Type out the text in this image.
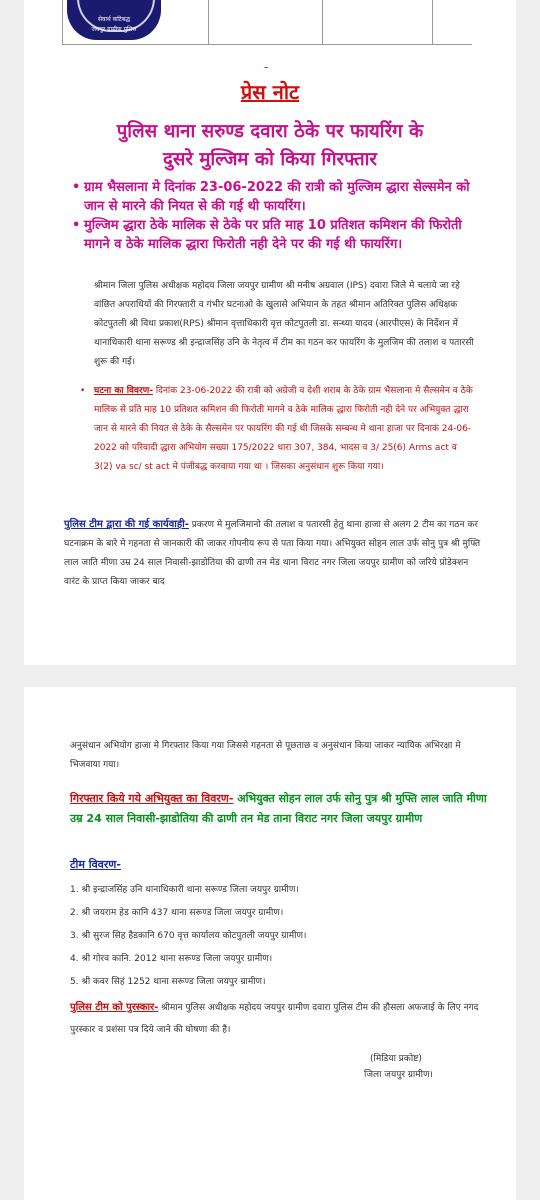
सेवार्थ कटिबद्ध
जयपुर ग्रामीण पुलिस
-
प्रेस नोट
पुलिस थाना सरुण्ड दवारा ठेके पर फायरिंग के
दुसरे मुल्जिम को किया गिरफ्तार
• ग्राम भैसलाना मे दिनांक 23-06-2022 की रात्री को मुल्जिम द्धारा सेल्समेन को जान से मारने की नियत से की गई थी फायरिंग।
• मुल्जिम द्धारा ठेके मालिक से ठेके पर प्रति माह 10 प्रतिशत कमिशन की फिरोती मागने व ठेके मालिक द्धारा फिरोती नही देने पर की गई थी फायरिंग।
श्रीमान जिला पुलिस अधीक्षक महोदय जिला जयपुर ग्रामीण श्री मनीष अग्रवाल (IPS) दवारा जिले मे चलाये जा रहे वांछित अपराधियों की गिरफ्तारी व गंभीर घटनाओ के खुलासे अभियान के तहत श्रीमान अतिरिक्त पुलिस अधिक्षक कोटपुतली श्री विधा प्रकाश(RPS) श्रीमान वृत्ताधिकारी वृत्त कोटपुतली डा. सन्ध्या यादव (आरपीएस) के निर्देशन में थानाधिकारी थाना सरूण्ड श्री इन्द्राजसिंह उनि के नेतृत्व में टीम का गठन कर फायरिंग के मुलजिम की तलाश व पतारसी शुरू की गई।
• घटना का विवरण- दिनांक 23-06-2022 की रात्री को अग्रेजी व देशी शराब के ठेके ग्राम भैसलाना मे सैल्समेन व ठेके मालिक से प्रति माह 10 प्रतिशत कमिशन की फिरोती मागने व ठेके मालिक द्धारा फिरोती नही देने पर अभियुक्त द्धारा जान से मारने की नियत से ठेके के सैल्समेन पर फायरिंग की गई थी जिसके सम्बन्ध मे थाना हाजा पर दिनाकं 24-06-2022 को परिवादी द्धारा अभियोग सख्या 175/2022 धारा 307, 384, भादस व 3/ 25(6) Arms act व 3(2) va sc/ st act मे पंजीबद्ध करवाया गया था । जिसका अनुसंधान शुरू किया गया।
पुलिस टीम द्वारा की गई कार्यवाही- प्रकरण मे मुलजिमानो की तलाश व पतारसी हेतु थाना हाजा से अलग 2 टीम का गठन कर घटनाक्रम के बारे मे गहनता से जानकारी की जाकर गोपनीय रूप से पता किया गया। अभियुक्त सोहन लाल उर्फ सोनु पुत्र श्री मुफ्ति लाल जाति मीणा उम्र 24 साल निवासी-झाडोतिया की ढाणी तन मेड थाना विराट नगर जिला जयपुर ग्रामीण को जरिये प्रोडेक्शन वारंट के प्राप्त किया जाकर बाद
अनुसंधान अभियोग हाजा मे गिरफ्तार किया गया जिससे गहनता से पूछताछ व अनुसंधान किया जाकर न्यायिक अभिरक्षा मे भिजवाया गया।
गिरफ्तार किये गये अभियुक्त का विवरण- अभियुक्त सोहन लाल उर्फ सोनु पुत्र श्री मुफ्ति लाल जाति मीणा उम्र 24 साल निवासी-झाडोतिया की ढाणी तन मेड ताना विराट नगर जिला जयपुर ग्रामीण
टीम विवरण-
1. श्री इन्द्राजसिंह उनि थानाधिकारी थाना सरूण्ड जिला जयपुर ग्रामीण।
2. श्री जयराम हेड कानि 437 थाना सरूण्ड जिला जयपुर ग्रामीण।
3. श्री सुरज सिह हैडकानि 670 वृत्त कार्यालय कोटपुतली जयपुर ग्रामीण।
4. श्री गोरव कानि. 2012 थाना सरूण्ड जिला जयपुर ग्रामीण।
5. श्री कवर सिहं 1252 थाना सरूण्ड जिला जयपुर ग्रामीण।
पुलिस टीम को पुरस्कार- श्रीमान पुलिस अधीक्षक महोदय जयपुर ग्रामीण दवारा पुलिस टीम की हौसला अफजाई के लिए नगद पुरस्कार व प्रशंसा पत्र दिये जाने की घोषणा की है।
(मिडिया प्रकोष्ट)
जिला जयपुर ग्रामीण।
